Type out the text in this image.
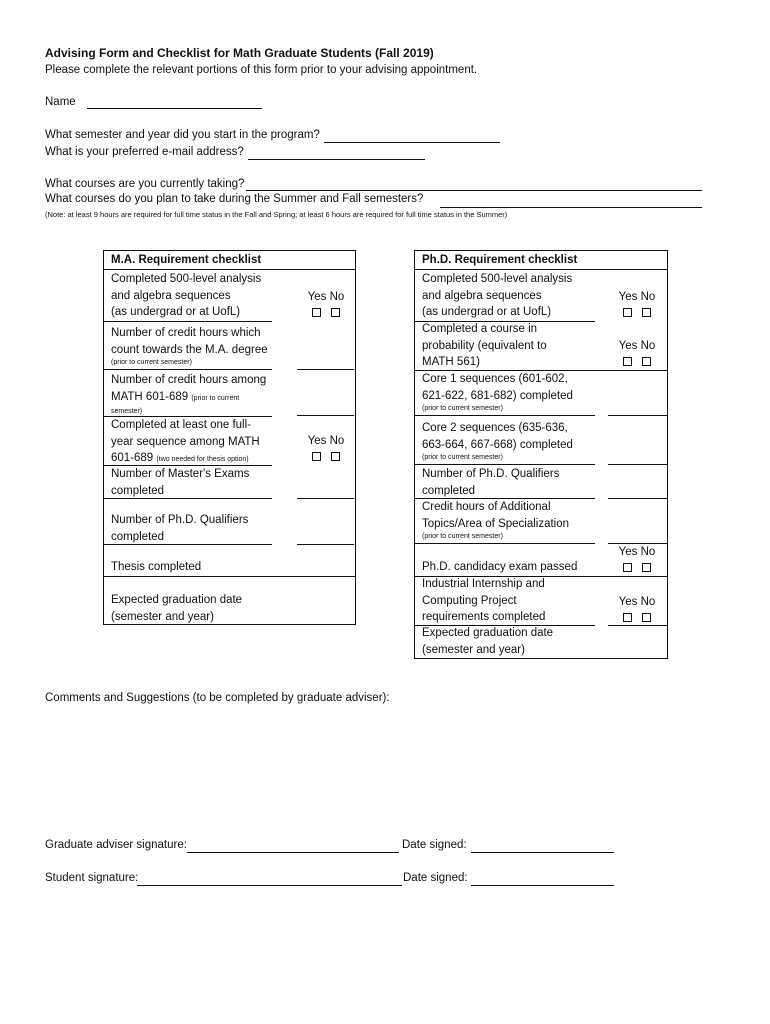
Advising Form and Checklist for Math Graduate Students (Fall 2019)
Please complete the relevant portions of this form prior to your advising appointment.
Name
What semester and year did you start in the program?
What is your preferred e-mail address?
What courses are you currently taking?
What courses do you plan to take during the Summer and Fall semesters?
(Note: at least 9 hours are required for full time status in the Fall and Spring; at least 6 hours are required for full time status in the Summer)
M.A. Requirement checklist
Completed 500-level analysis
and algebra sequences
(as undergrad or at UofL)
Yes No
Number of credit hours which
count towards the M.A. degree
(prior to current semester)
Number of credit hours among
MATH 601-689 (prior to current
semester)
Completed at least one full-
year sequence among MATH
601-689 (two needed for thesis option)
Yes No
Number of Master's Exams
completed
Number of Ph.D. Qualifiers
completed
Thesis completed
Expected graduation date
(semester and year)
Ph.D. Requirement checklist
Completed 500-level analysis
and algebra sequences
(as undergrad or at UofL)
Yes No
Completed a course in
probability (equivalent to
MATH 561)
Yes No
Core 1 sequences (601-602,
621-622, 681-682) completed
(prior to current semester)
Core 2 sequences (635-636,
663-664, 667-668) completed
(prior to current semester)
Number of Ph.D. Qualifiers
completed
Credit hours of Additional
Topics/Area of Specialization
(prior to current semester)
Ph.D. candidacy exam passed
Yes No
Industrial Internship and
Computing Project
requirements completed
Yes No
Expected graduation date
(semester and year)
Comments and Suggestions (to be completed by graduate adviser):
Graduate adviser signature:	Date signed:
Student signature:	Date signed:
